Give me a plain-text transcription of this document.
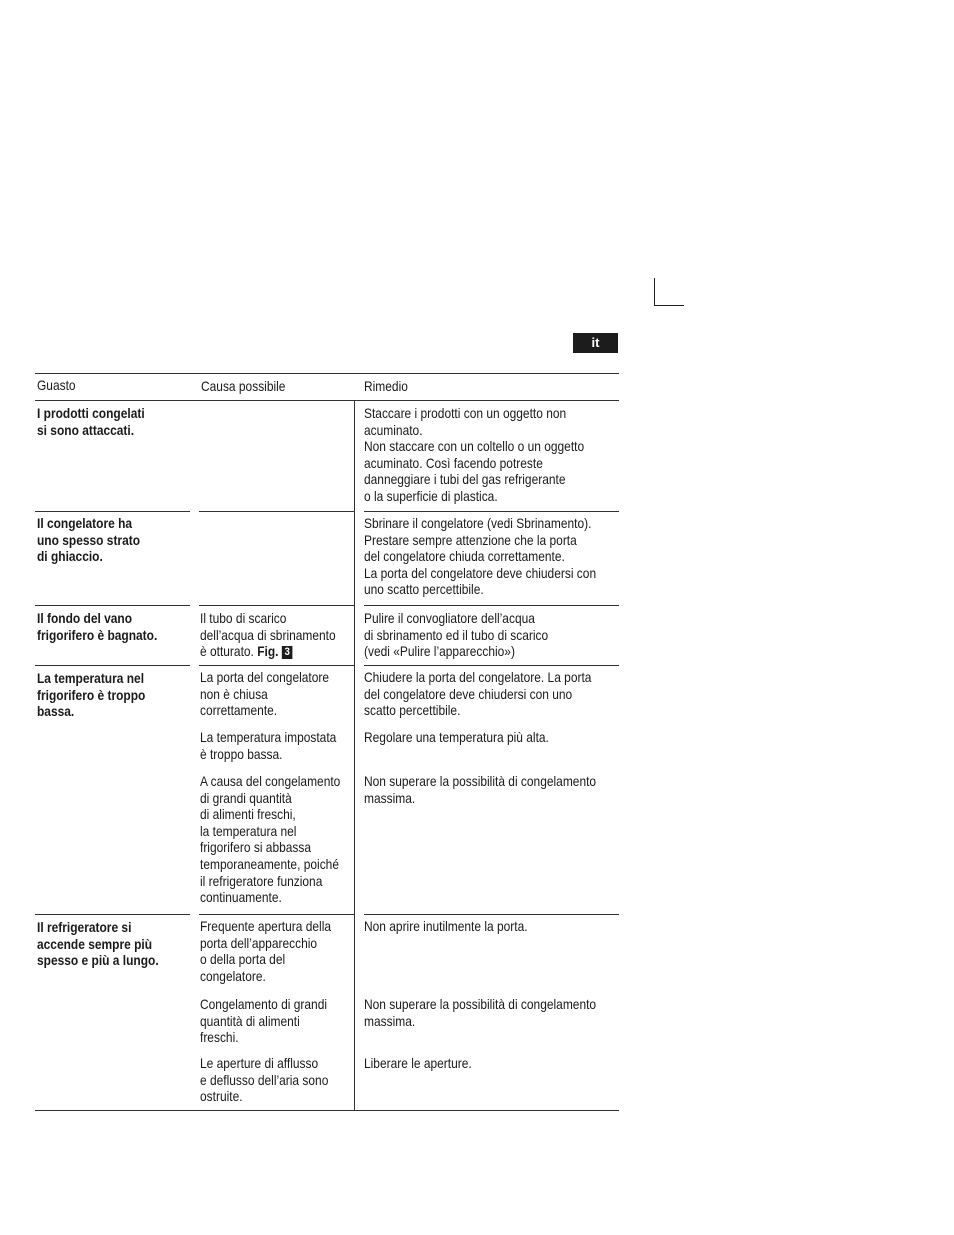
it
Guasto	Causa possibile	Rimedio
I prodotti congelati
si sono attaccati.
Staccare i prodotti con un oggetto non
acuminato.
Non staccare con un coltello o un oggetto
acuminato. Così facendo potreste
danneggiare i tubi del gas refrigerante
o la superficie di plastica.
Il congelatore ha
uno spesso strato
di ghiaccio.
Sbrinare il congelatore (vedi Sbrinamento).
Prestare sempre attenzione che la porta
del congelatore chiuda correttamente.
La porta del congelatore deve chiudersi con
uno scatto percettibile.
Il fondo del vano
frigorifero è bagnato.
Il tubo di scarico
dell’acqua di sbrinamento
è otturato. Fig. 3
Pulire il convogliatore dell’acqua
di sbrinamento ed il tubo di scarico
(vedi «Pulire l’apparecchio»)
La temperatura nel
frigorifero è troppo
bassa.
La porta del congelatore
non è chiusa
correttamente.
Chiudere la porta del congelatore. La porta
del congelatore deve chiudersi con uno
scatto percettibile.
La temperatura impostata
è troppo bassa.
Regolare una temperatura più alta.
A causa del congelamento
di grandi quantità
di alimenti freschi,
la temperatura nel
frigorifero si abbassa
temporaneamente, poiché
il refrigeratore funziona
continuamente.
Non superare la possibilità di congelamento
massima.
Il refrigeratore si
accende sempre più
spesso e più a lungo.
Frequente apertura della
porta dell’apparecchio
o della porta del
congelatore.
Non aprire inutilmente la porta.
Congelamento di grandi
quantità di alimenti
freschi.
Non superare la possibilità di congelamento
massima.
Le aperture di afflusso
e deflusso dell’aria sono
ostruite.
Liberare le aperture.
